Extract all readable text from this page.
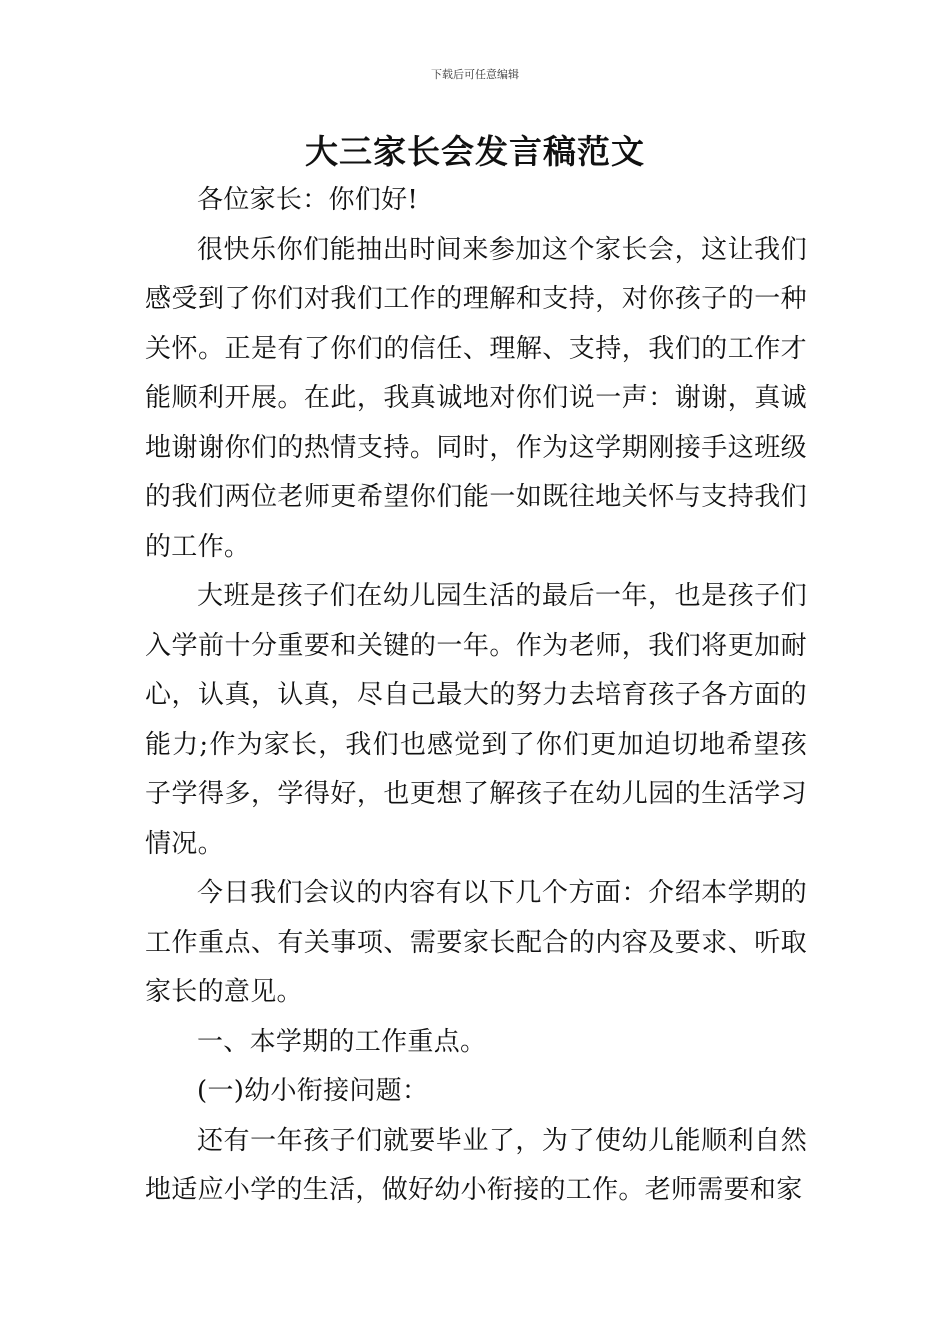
下载后可任意编辑
大三家长会发言稿范文

各位家长：你们好!

很快乐你们能抽出时间来参加这个家长会，这让我们感受到了你们对我们工作的理解和支持，对你孩子的一种关怀。正是有了你们的信任、理解、支持，我们的工作才能顺利开展。在此，我真诚地对你们说一声：谢谢，真诚地谢谢你们的热情支持。同时，作为这学期刚接手这班级的我们两位老师更希望你们能一如既往地关怀与支持我们的工作。

大班是孩子们在幼儿园生活的最后一年，也是孩子们入学前十分重要和关键的一年。作为老师，我们将更加耐心，认真，认真，尽自己最大的努力去培育孩子各方面的能力;作为家长，我们也感觉到了你们更加迫切地希望孩子学得多，学得好，也更想了解孩子在幼儿园的生活学习情况。

今日我们会议的内容有以下几个方面：介绍本学期的工作重点、有关事项、需要家长配合的内容及要求、听取家长的意见。

一、本学期的工作重点。

(一)幼小衔接问题：

还有一年孩子们就要毕业了，为了使幼儿能顺利自然地适应小学的生活，做好幼小衔接的工作。老师需要和家
